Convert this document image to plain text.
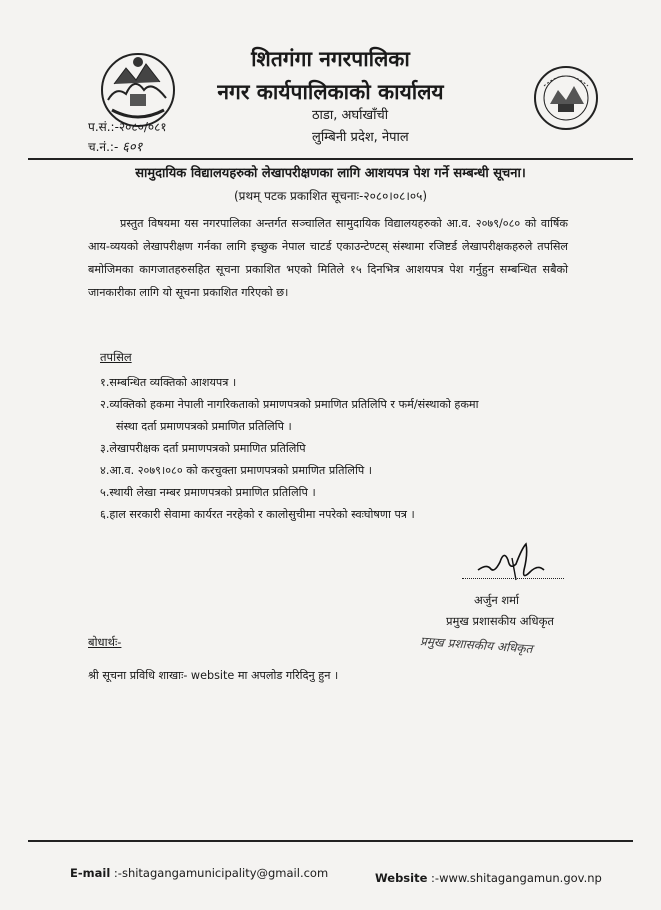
शितगंगा नगरपालिका
नगर कार्यपालिकाको कार्यालय
ठाडा, अर्घाखाँची
लुम्बिनी प्रदेश, नेपाल
प.सं.:-२०८०/०८१
च.नं.:- ६०१
सामुदायिक विद्यालयहरुको लेखापरीक्षणका लागि आशयपत्र पेश गर्ने सम्बन्धी सूचना।
(प्रथम् पटक प्रकाशित सूचनाः-२०८०।०८।०५)
प्रस्तुत विषयमा यस नगरपालिका अन्तर्गत सञ्चालित सामुदायिक विद्यालयहरुको आ.व. २०७९/०८० को वार्षिक आय-व्ययको लेखापरीक्षण गर्नका लागि इच्छुक नेपाल चाटर्ड एकाउन्टेण्टस् संस्थामा रजिष्टर्ड लेखापरीक्षकहरुले तपसिल बमोजिमका कागजातहरुसहित सूचना प्रकाशित भएको मितिले १५ दिनभित्र आशयपत्र पेश गर्नुहुन सम्बन्धित सबैको जानकारीका लागि यो सूचना प्रकाशित गरिएको छ।
तपसिल
१.सम्बन्धित व्यक्तिको आशयपत्र ।
२.व्यक्तिको हकमा नेपाली नागरिकताको प्रमाणपत्रको प्रमाणित प्रतिलिपि र फर्म/संस्थाको हकमा
संस्था दर्ता प्रमाणपत्रको प्रमाणित प्रतिलिपि ।
३.लेखापरीक्षक दर्ता प्रमाणपत्रको प्रमाणित प्रतिलिपि
४.आ.व. २०७९।०८० को करचुक्ता प्रमाणपत्रको प्रमाणित प्रतिलिपि ।
५.स्थायी लेखा नम्बर प्रमाणपत्रको प्रमाणित प्रतिलिपि ।
६.हाल सरकारी सेवामा कार्यरत नरहेको र कालोसुचीमा नपरेको स्वःघोषणा पत्र ।
अर्जुन शर्मा
प्रमुख प्रशासकीय अधिकृत
प्रमुख प्रशासकीय अधिकृत
बोधार्थः-
श्री सूचना प्रविधि शाखाः- website मा अपलोड गरिदिनु हुन ।
E-mail :-shitagangamunicipality@gmail.com	Website :-www.shitagangamun.gov.np
